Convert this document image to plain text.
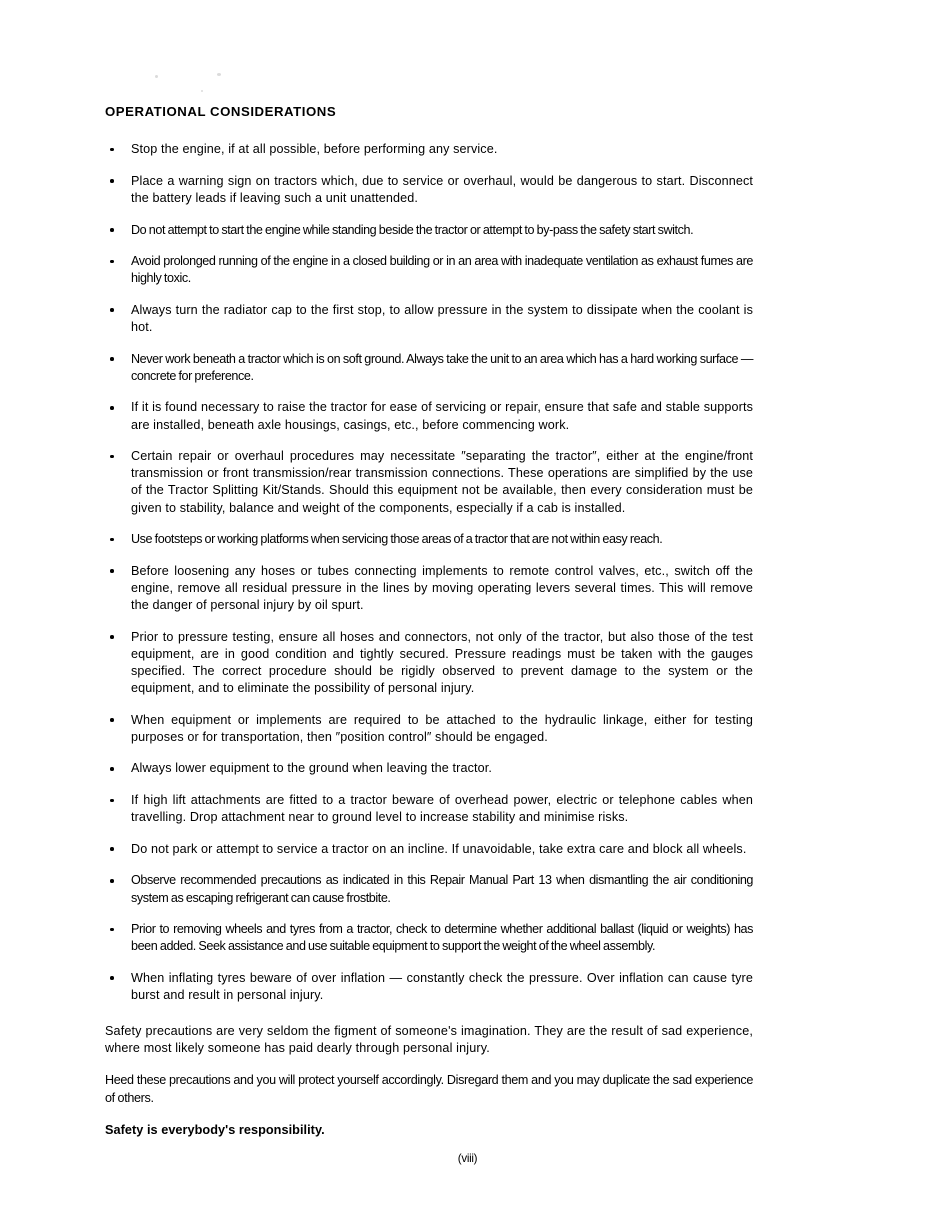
OPERATIONAL CONSIDERATIONS
Stop the engine, if at all possible, before performing any service.
Place a warning sign on tractors which, due to service or overhaul, would be dangerous to start. Disconnect the battery leads if leaving such a unit unattended.
Do not attempt to start the engine while standing beside the tractor or attempt to by-pass the safety start switch.
Avoid prolonged running of the engine in a closed building or in an area with inadequate ventilation as exhaust fumes are highly toxic.
Always turn the radiator cap to the first stop, to allow pressure in the system to dissipate when the coolant is hot.
Never work beneath a tractor which is on soft ground. Always take the unit to an area which has a hard working surface — concrete for preference.
If it is found necessary to raise the tractor for ease of servicing or repair, ensure that safe and stable supports are installed, beneath axle housings, casings, etc., before commencing work.
Certain repair or overhaul procedures may necessitate ″separating the tractor″, either at the engine/front transmission or front transmission/rear transmission connections. These operations are simplified by the use of the Tractor Splitting Kit/Stands. Should this equipment not be available, then every consideration must be given to stability, balance and weight of the components, especially if a cab is installed.
Use footsteps or working platforms when servicing those areas of a tractor that are not within easy reach.
Before loosening any hoses or tubes connecting implements to remote control valves, etc., switch off the engine, remove all residual pressure in the lines by moving operating levers several times. This will remove the danger of personal injury by oil spurt.
Prior to pressure testing, ensure all hoses and connectors, not only of the tractor, but also those of the test equipment, are in good condition and tightly secured. Pressure readings must be taken with the gauges specified. The correct procedure should be rigidly observed to prevent damage to the system or the equipment, and to eliminate the possibility of personal injury.
When equipment or implements are required to be attached to the hydraulic linkage, either for testing purposes or for transportation, then ″position control″ should be engaged.
Always lower equipment to the ground when leaving the tractor.
If high lift attachments are fitted to a tractor beware of overhead power, electric or telephone cables when travelling. Drop attachment near to ground level to increase stability and minimise risks.
Do not park or attempt to service a tractor on an incline. If unavoidable, take extra care and block all wheels.
Observe recommended precautions as indicated in this Repair Manual Part 13 when dismantling the air conditioning system as escaping refrigerant can cause frostbite.
Prior to removing wheels and tyres from a tractor, check to determine whether additional ballast (liquid or weights) has been added. Seek assistance and use suitable equipment to support the weight of the wheel assembly.
When inflating tyres beware of over inflation — constantly check the pressure. Over inflation can cause tyre burst and result in personal injury.

Safety precautions are very seldom the figment of someone's imagination. They are the result of sad experience, where most likely someone has paid dearly through personal injury.

Heed these precautions and you will protect yourself accordingly. Disregard them and you may duplicate the sad experience of others.

Safety is everybody's responsibility.

(viii)
